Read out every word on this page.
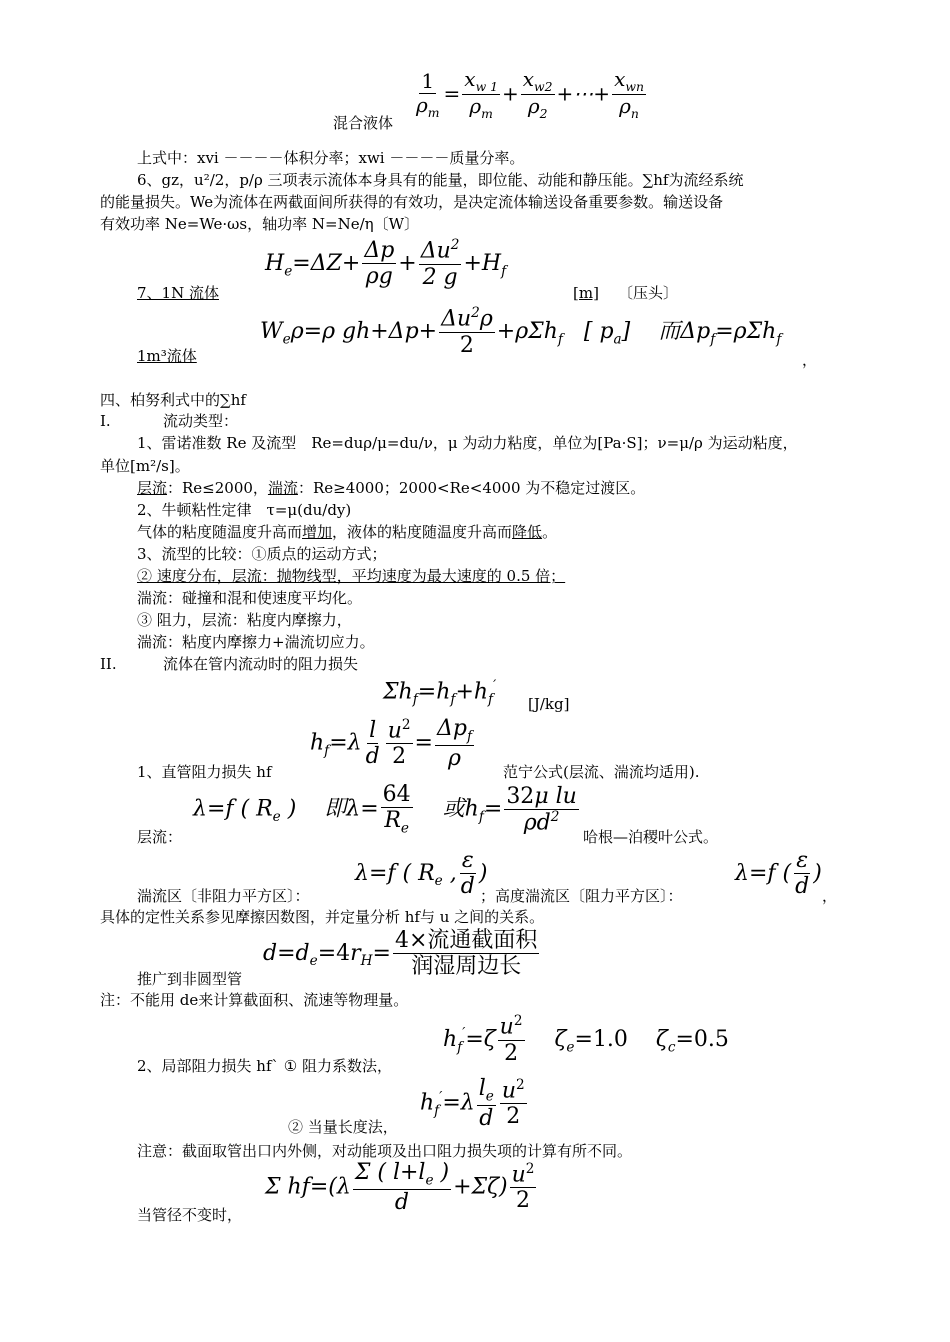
$\frac{1}{\rho_m} = \frac{x_{w 1}}{\rho_m} + \frac{x_{w2}}{\rho_2}$ +⋯+ $\frac{x_{wn}}{\rho_n}$
混合液体
上式中：xvi －－－－体积分率；xwi －－－－质量分率。
6、gz，u²/2，p/ρ 三项表示流体本身具有的能量，即位能、动能和静压能。∑hf为流经系统
的能量损失。We为流体在两截面间所获得的有效功，是决定流体输送设备重要参数。输送设备
有效功率 Ne=We·ωs，轴功率 N=Ne/η〔W〕
$H_e=\Delta Z+ \frac{\Delta p}{\rho g} + \frac{\Delta u^2}{2 g} +H_f$
7、1N 流体	[m] 〔压头〕
$W_e\rho=\rho$ $gh+\Delta p+ \frac{\Delta u^2\rho}{2} +\rho\Sigma h_f$   [ $p_a$]    而$\Delta p_f=\rho\Sigma h_f$
1m³流体	，
四、柏努利式中的∑hf
I.	流动类型：
1、雷诺准数 Re 及流型　Re=duρ/μ=du/ν，μ 为动力粘度，单位为[Pa·S]；ν=μ/ρ 为运动粘度，
单位[m²/s]。
层流：Re≤2000，湍流：Re≥4000；2000<Re<4000 为不稳定过渡区。
2、牛顿粘性定律　τ=μ(du/dy)
气体的粘度随温度升高而增加，液体的粘度随温度升高而降低。
3、流型的比较：①质点的运动方式；
② 速度分布，层流：抛物线型，平均速度为最大速度的 0.5 倍；
湍流：碰撞和混和使速度平均化。
③ 阻力，层流：粘度内摩擦力，
湍流：粘度内摩擦力+湍流切应力。
II.	流体在管内流动时的阻力损失
$\Sigma h_f=h_f+h_f'$
[J/kg]
$h_f=\lambda \frac{l}{d} \frac{u^2}{2} = \frac{\Delta p_f}{\rho}$
1、直管阻力损失 hf	范宁公式(层流、湍流均适用).
λ=f ( $R_e$ )    即$\lambda= \frac{64}{R_e}$ 或$h_f= \frac{\text{32μ lu}}{\rho d^2}$
层流：	哈根—泊稷叶公式。
λ=f ( $R_e$ , $\frac{\varepsilon}{d}$ )	λ=f ( $\frac{\varepsilon}{d}$ )
湍流区〔非阻力平方区〕：	；高度湍流区〔阻力平方区〕：	，
具体的定性关系参见摩擦因数图，并定量分析 hf与 u 之间的关系。
$d=d_e=4r_H= \frac{\text{4×流通截面积}}{\text{润湿周边长}}$
推广到非圆型管
注：不能用 de来计算截面积、流速等物理量。
$h_f'=\zeta \frac{u^2}{2} \zeta_e=1.0$    $\zeta_c=0.5$
2、局部阻力损失 hf` ① 阻力系数法，
$h_f'=\lambda \frac{l_e}{d} \frac{u^2}{2}$
② 当量长度法，
注意：截面取管出口内外侧，对动能项及出口阻力损失项的计算有所不同。
Σ $hf=(\lambda \frac{\Sigma ( l+l_e )}{d} +\Sigma\zeta) \frac{u^2}{2}$
当管径不变时，
